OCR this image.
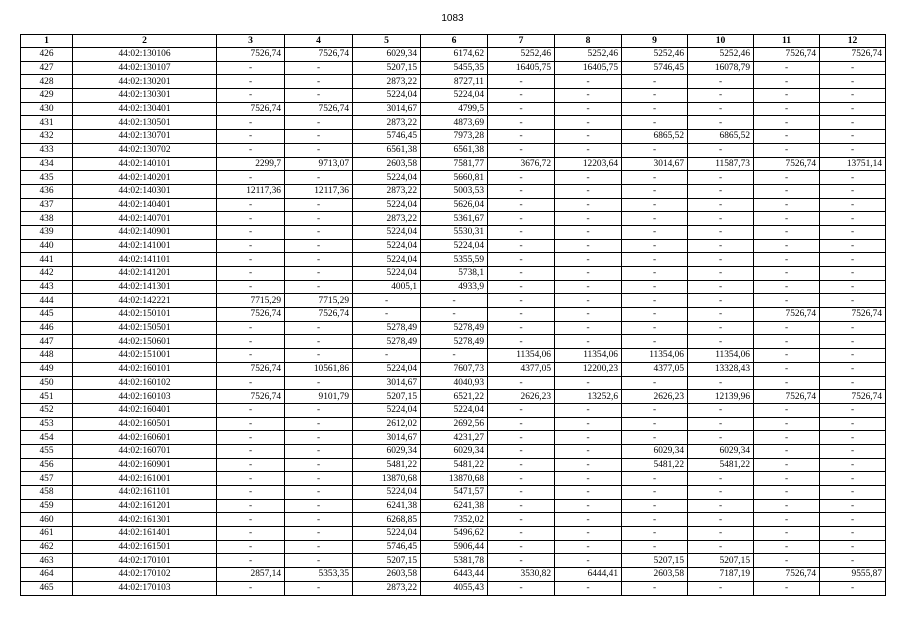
1083
1	2	3	4	5	6	7	8	9	10	11	12
426	44:02:130106	7526,74	7526,74	6029,34	6174,62	5252,46	5252,46	5252,46	5252,46	7526,74	7526,74
427	44:02:130107	-	-	5207,15	5455,35	16405,75	16405,75	5746,45	16078,79	-	-
428	44:02:130201	-	-	2873,22	8727,11	-	-	-	-	-	-
429	44:02:130301	-	-	5224,04	5224,04	-	-	-	-	-	-
430	44:02:130401	7526,74	7526,74	3014,67	4799,5	-	-	-	-	-	-
431	44:02:130501	-	-	2873,22	4873,69	-	-	-	-	-	-
432	44:02:130701	-	-	5746,45	7973,28	-	-	6865,52	6865,52	-	-
433	44:02:130702	-	-	6561,38	6561,38	-	-	-	-	-	-
434	44:02:140101	2299,7	9713,07	2603,58	7581,77	3676,72	12203,64	3014,67	11587,73	7526,74	13751,14
435	44:02:140201	-	-	5224,04	5660,81	-	-	-	-	-	-
436	44:02:140301	12117,36	12117,36	2873,22	5003,53	-	-	-	-	-	-
437	44:02:140401	-	-	5224,04	5626,04	-	-	-	-	-	-
438	44:02:140701	-	-	2873,22	5361,67	-	-	-	-	-	-
439	44:02:140901	-	-	5224,04	5530,31	-	-	-	-	-	-
440	44:02:141001	-	-	5224,04	5224,04	-	-	-	-	-	-
441	44:02:141101	-	-	5224,04	5355,59	-	-	-	-	-	-
442	44:02:141201	-	-	5224,04	5738,1	-	-	-	-	-	-
443	44:02:141301	-	-	4005,1	4933,9	-	-	-	-	-	-
444	44:02:142221	7715,29	7715,29	-	-	-	-	-	-	-	-
445	44:02:150101	7526,74	7526,74	-	-	-	-	-	-	7526,74	7526,74
446	44:02:150501	-	-	5278,49	5278,49	-	-	-	-	-	-
447	44:02:150601	-	-	5278,49	5278,49	-	-	-	-	-	-
448	44:02:151001	-	-	-	-	11354,06	11354,06	11354,06	11354,06	-	-
449	44:02:160101	7526,74	10561,86	5224,04	7607,73	4377,05	12200,23	4377,05	13328,43	-	-
450	44:02:160102	-	-	3014,67	4040,93	-	-	-	-	-	-
451	44:02:160103	7526,74	9101,79	5207,15	6521,22	2626,23	13252,6	2626,23	12139,96	7526,74	7526,74
452	44:02:160401	-	-	5224,04	5224,04	-	-	-	-	-	-
453	44:02:160501	-	-	2612,02	2692,56	-	-	-	-	-	-
454	44:02:160601	-	-	3014,67	4231,27	-	-	-	-	-	-
455	44:02:160701	-	-	6029,34	6029,34	-	-	6029,34	6029,34	-	-
456	44:02:160901	-	-	5481,22	5481,22	-	-	5481,22	5481,22	-	-
457	44:02:161001	-	-	13870,68	13870,68	-	-	-	-	-	-
458	44:02:161101	-	-	5224,04	5471,57	-	-	-	-	-	-
459	44:02:161201	-	-	6241,38	6241,38	-	-	-	-	-	-
460	44:02:161301	-	-	6268,85	7352,02	-	-	-	-	-	-
461	44:02:161401	-	-	5224,04	5496,62	-	-	-	-	-	-
462	44:02:161501	-	-	5746,45	5906,44	-	-	-	-	-	-
463	44:02:170101	-	-	5207,15	5381,78	-	-	5207,15	5207,15	-	-
464	44:02:170102	2857,14	5353,35	2603,58	6443,44	3530,82	6444,41	2603,58	7187,19	7526,74	9555,87
465	44:02:170103	-	-	2873,22	4055,43	-	-	-	-	-	-
